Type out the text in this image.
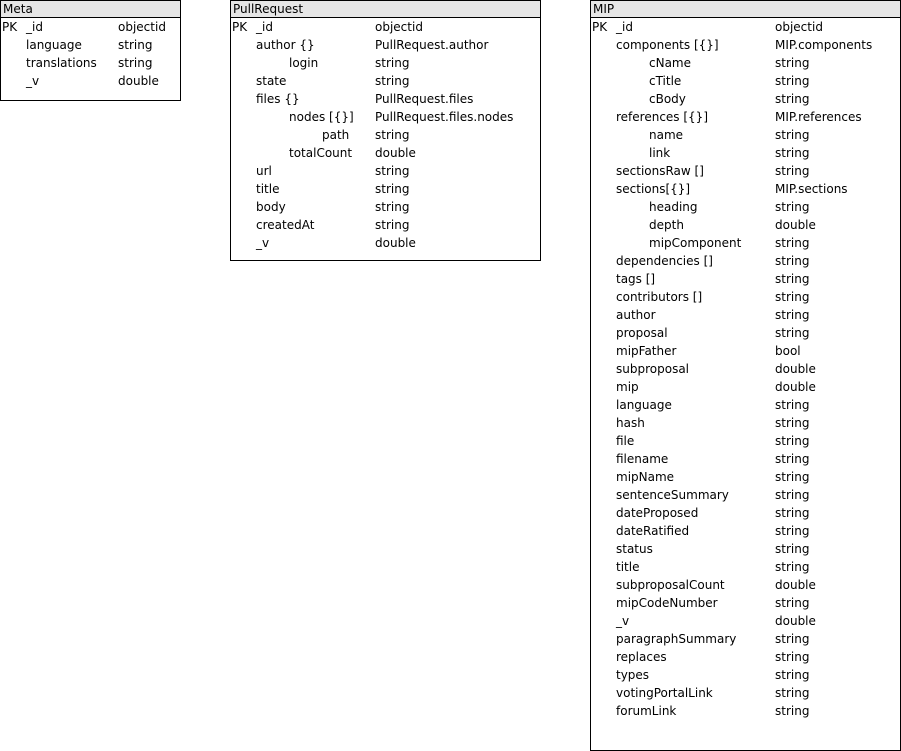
Meta
PK _id	objectid
language	string
translations string
_v	double
PullRequest
PK _id	objectid
author {}	PullRequest.author
login	string
state	string
files {}	PullRequest.files
nodes [{}] PullRequest.files.nodes
path string
totalCount double
url	string
title	string
body	string
createdAt	string
_v	double
MIP
PK _id	objectid
components [{}]	MIP.components
cName	string
cTitle	string
cBody	string
references [{}]	MIP.references
name	string
link	string
sectionsRaw []	string
sections[{}]	MIP.sections
heading	string
depth	double
mipComponent	string
dependencies []	string
tags []	string
contributors []	string
author	string
proposal	string
mipFather	bool
subproposal	double
mip	double
language	string
hash	string
file	string
filename	string
mipName	string
sentenceSummary	string
dateProposed	string
dateRatified	string
status	string
title	string
subproposalCount	double
mipCodeNumber	string
_v	double
paragraphSummary	string
replaces	string
types	string
votingPortalLink	string
forumLink	string
